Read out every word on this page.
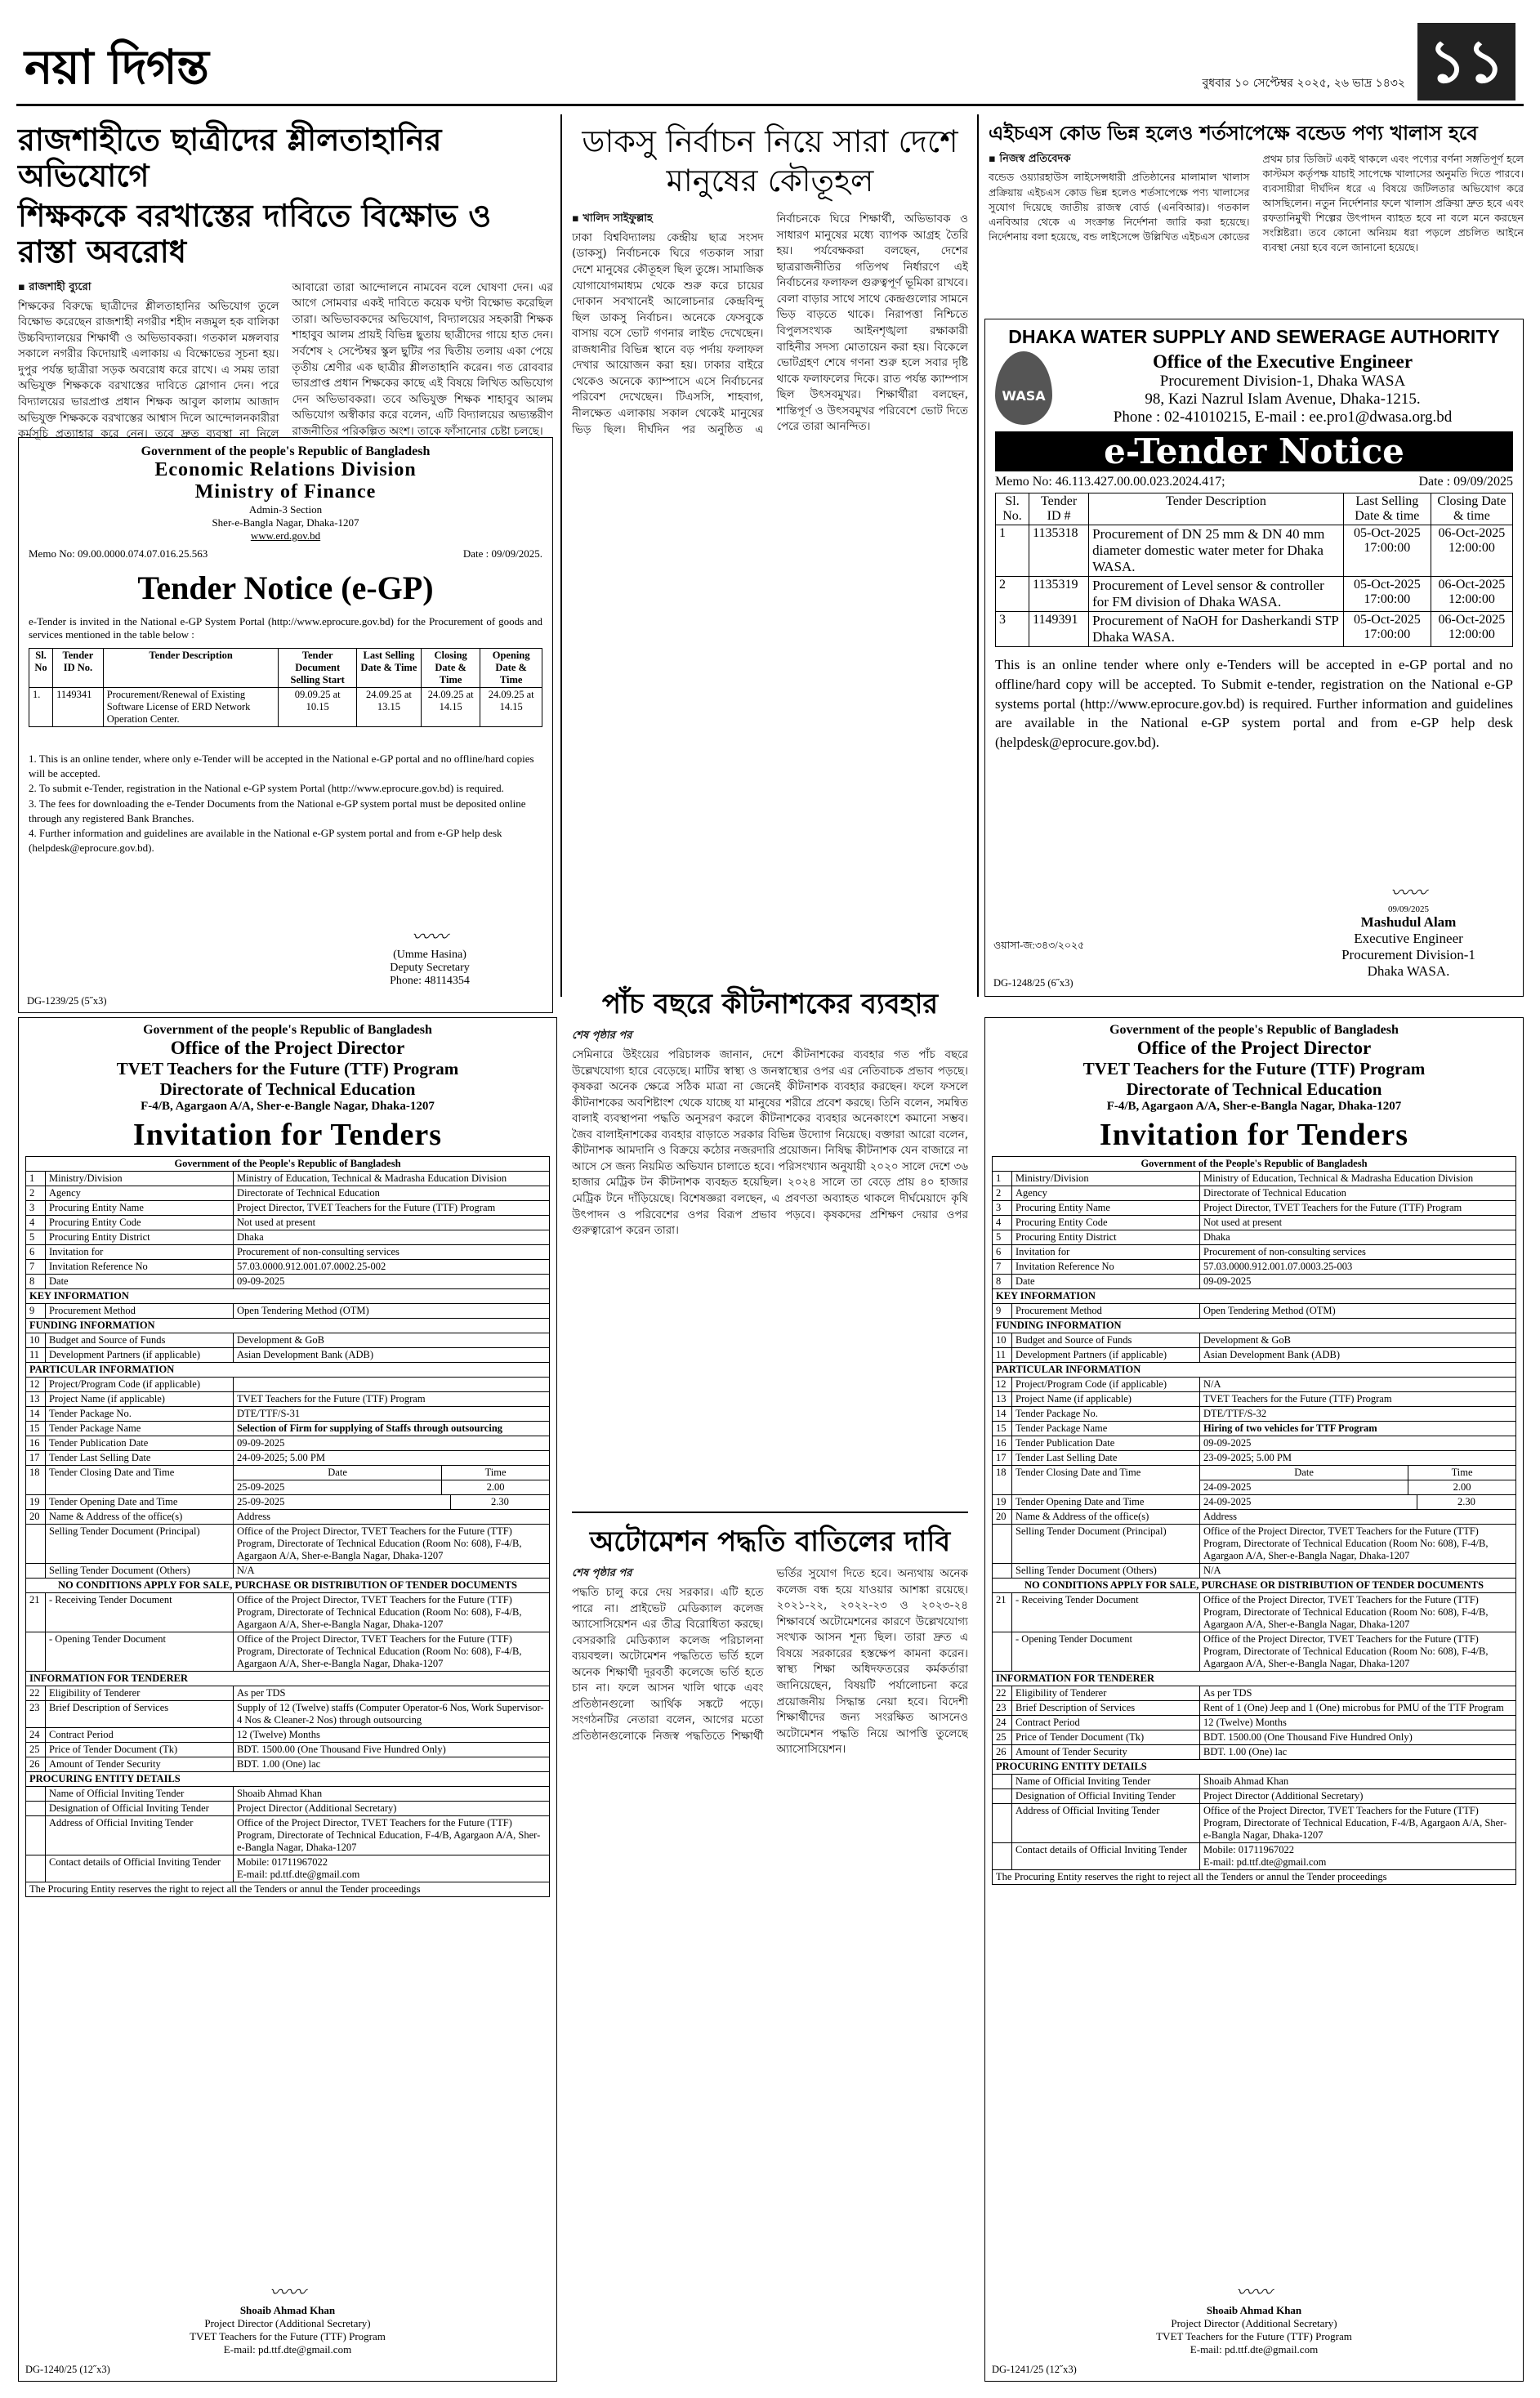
নয়া দিগন্ত	বুধবার ১০ সেপ্টেম্বর ২০২৫, ২৬ ভাদ্র ১৪৩২ ১১
রাজশাহীতে ছাত্রীদের শ্লীলতাহানির অভিযোগে
শিক্ষককে বরখাস্তের দাবিতে বিক্ষোভ ও রাস্তা অবরোধ
▪ রাজশাহী ব্যুরো
শিক্ষকের বিরুদ্ধে ছাত্রীদের শ্লীলতাহানির অভিযোগ তুলে বিক্ষোভ করেছেন রাজশাহী নগরীর শহীদ নজমুল হক বালিকা উচ্চবিদ্যালয়ের শিক্ষার্থী ও অভিভাবকরা। গতকাল মঙ্গলবার সকালে নগরীর কিদোয়াই এলাকায় এ বিক্ষোভের সূচনা হয়। দুপুর পর্যন্ত ছাত্রীরা সড়ক অবরোধ করে রাখে। এ সময় তারা অভিযুক্ত শিক্ষককে বরখাস্তের দাবিতে স্লোগান দেন। পরে বিদ্যালয়ের ভারপ্রাপ্ত প্রধান শিক্ষক আবুল কালাম আজাদ অভিযুক্ত শিক্ষককে বরখাস্তের আশ্বাস দিলে আন্দোলনকারীরা কর্মসূচি প্রত্যাহার করে নেন। তবে দ্রুত ব্যবস্থা না নিলে আবারো তারা আন্দোলনে নামবেন বলে ঘোষণা দেন। এর আগে সোমবার একই দাবিতে কয়েক ঘণ্টা বিক্ষোভ করেছিল তারা। অভিভাবকদের অভিযোগ, বিদ্যালয়ের সহকারী শিক্ষক শাহাবুব আলম প্রায়ই বিভিন্ন ছুতায় ছাত্রীদের গায়ে হাত দেন। সর্বশেষ ২ সেপ্টেম্বর স্কুল ছুটির পর দ্বিতীয় তলায় একা পেয়ে তৃতীয় শ্রেণীর এক ছাত্রীর শ্লীলতাহানি করেন। গত রোববার ভারপ্রাপ্ত প্রধান শিক্ষকের কাছে এই বিষয়ে লিখিত অভিযোগ দেন অভিভাবকরা। তবে অভিযুক্ত শিক্ষক শাহাবুব আলম অভিযোগ অস্বীকার করে বলেন, এটি বিদ্যালয়ের অভ্যন্তরীণ রাজনীতির পরিকল্পিত অংশ। তাকে ফাঁসানোর চেষ্টা চলছে।
Government of the people's Republic of Bangladesh
Economic Relations Division
Ministry of Finance
Admin-3 Section
Sher-e-Bangla Nagar, Dhaka-1207
www.erd.gov.bd
Memo No: 09.00.0000.074.07.016.25.563	Date : 09/09/2025.
Tender Notice (e-GP)
e-Tender is invited in the National e-GP System Portal (http://www.eprocure.gov.bd) for the Procurement of goods and services mentioned in the table below :
Sl. No	Tender ID No.	Tender Description	Tender Document Selling Start	Last Selling Date & Time	Closing Date & Time	Opening Date & Time
1.	1149341	Procurement/Renewal of Existing Software License of ERD Network Operation Center.	09.09.25 at 10.15	24.09.25 at 13.15	24.09.25 at 14.15	24.09.25 at 14.15
1. This is an online tender, where only e-Tender will be accepted in the National e-GP portal and no offline/hard copies will be accepted.
2. To submit e-Tender, registration in the National e-GP system Portal (http://www.eprocure.gov.bd) is required.
3. The fees for downloading the e-Tender Documents from the National e-GP system portal must be deposited online through any registered Bank Branches.
4. Further information and guidelines are available in the National e-GP system portal and from e-GP help desk (helpdesk@eprocure.gov.bd).
〰〰
(Umme Hasina)
Deputy Secretary
Phone: 48114354
DG-1239/25 (5˝x3)
ডাকসু নির্বাচন নিয়ে সারা দেশে মানুষের কৌতূহল
▪ খালিদ সাইফুল্লাহ
ঢাকা বিশ্ববিদ্যালয় কেন্দ্রীয় ছাত্র সংসদ (ডাকসু) নির্বাচনকে ঘিরে গতকাল সারা দেশে মানুষের কৌতূহল ছিল তুঙ্গে। সামাজিক যোগাযোগমাধ্যম থেকে শুরু করে চায়ের দোকান সবখানেই আলোচনার কেন্দ্রবিন্দু ছিল ডাকসু নির্বাচন। অনেকে ফেসবুকে বাসায় বসে ভোট গণনার লাইভ দেখেছেন। রাজধানীর বিভিন্ন স্থানে বড় পর্দায় ফলাফল দেখার আয়োজন করা হয়। ঢাকার বাইরে থেকেও অনেকে ক্যাম্পাসে এসে নির্বাচনের পরিবেশ দেখেছেন। টিএসসি, শাহবাগ, নীলক্ষেত এলাকায় সকাল থেকেই মানুষের ভিড় ছিল। দীর্ঘদিন পর অনুষ্ঠিত এ নির্বাচনকে ঘিরে শিক্ষার্থী, অভিভাবক ও সাধারণ মানুষের মধ্যে ব্যাপক আগ্রহ তৈরি হয়। পর্যবেক্ষকরা বলছেন, দেশের ছাত্ররাজনীতির গতিপথ নির্ধারণে এই নির্বাচনের ফলাফল গুরুত্বপূর্ণ ভূমিকা রাখবে। বেলা বাড়ার সাথে সাথে কেন্দ্রগুলোর সামনে ভিড় বাড়তে থাকে। নিরাপত্তা নিশ্চিতে বিপুলসংখ্যক আইনশৃঙ্খলা রক্ষাকারী বাহিনীর সদস্য মোতায়েন করা হয়। বিকেলে ভোটগ্রহণ শেষে গণনা শুরু হলে সবার দৃষ্টি থাকে ফলাফলের দিকে। রাত পর্যন্ত ক্যাম্পাস ছিল উৎসবমুখর। শিক্ষার্থীরা বলছেন, শান্তিপূর্ণ ও উৎসবমুখর পরিবেশে ভোট দিতে পেরে তারা আনন্দিত।
পাঁচ বছরে কীটনাশকের ব্যবহার
শেষ পৃষ্ঠার পর
সেমিনারে উইংয়ের পরিচালক জানান, দেশে কীটনাশকের ব্যবহার গত পাঁচ বছরে উল্লেখযোগ্য হারে বেড়েছে। মাটির স্বাস্থ্য ও জনস্বাস্থ্যের ওপর এর নেতিবাচক প্রভাব পড়ছে। কৃষকরা অনেক ক্ষেত্রে সঠিক মাত্রা না জেনেই কীটনাশক ব্যবহার করছেন। ফলে ফসলে কীটনাশকের অবশিষ্টাংশ থেকে যাচ্ছে যা মানুষের শরীরে প্রবেশ করছে। তিনি বলেন, সমন্বিত বালাই ব্যবস্থাপনা পদ্ধতি অনুসরণ করলে কীটনাশকের ব্যবহার অনেকাংশে কমানো সম্ভব। জৈব বালাইনাশকের ব্যবহার বাড়াতে সরকার বিভিন্ন উদ্যোগ নিয়েছে। বক্তারা আরো বলেন, কীটনাশক আমদানি ও বিক্রয়ে কঠোর নজরদারি প্রয়োজন। নিষিদ্ধ কীটনাশক যেন বাজারে না আসে সে জন্য নিয়মিত অভিযান চালাতে হবে। পরিসংখ্যান অনুযায়ী ২০২০ সালে দেশে ৩৬ হাজার মেট্রিক টন কীটনাশক ব্যবহৃত হয়েছিল। ২০২৪ সালে তা বেড়ে প্রায় ৪০ হাজার মেট্রিক টনে দাঁড়িয়েছে। বিশেষজ্ঞরা বলছেন, এ প্রবণতা অব্যাহত থাকলে দীর্ঘমেয়াদে কৃষি উৎপাদন ও পরিবেশের ওপর বিরূপ প্রভাব পড়বে। কৃষকদের প্রশিক্ষণ দেয়ার ওপর গুরুত্বারোপ করেন তারা।
অটোমেশন পদ্ধতি বাতিলের দাবি
শেষ পৃষ্ঠার পর
পদ্ধতি চালু করে দেয় সরকার। এটি হতে পারে না। প্রাইভেট মেডিক্যাল কলেজ অ্যাসোসিয়েশন এর তীব্র বিরোধিতা করছে। বেসরকারি মেডিক্যাল কলেজ পরিচালনা ব্যয়বহুল। অটোমেশন পদ্ধতিতে ভর্তি হলে অনেক শিক্ষার্থী দূরবর্তী কলেজে ভর্তি হতে চান না। ফলে আসন খালি থাকে এবং প্রতিষ্ঠানগুলো আর্থিক সঙ্কটে পড়ে। সংগঠনটির নেতারা বলেন, আগের মতো প্রতিষ্ঠানগুলোকে নিজস্ব পদ্ধতিতে শিক্ষার্থী ভর্তির সুযোগ দিতে হবে। অন্যথায় অনেক কলেজ বন্ধ হয়ে যাওয়ার আশঙ্কা রয়েছে। ২০২১-২২, ২০২২-২৩ ও ২০২৩-২৪ শিক্ষাবর্ষে অটোমেশনের কারণে উল্লেখযোগ্য সংখ্যক আসন শূন্য ছিল। তারা দ্রুত এ বিষয়ে সরকারের হস্তক্ষেপ কামনা করেন। স্বাস্থ্য শিক্ষা অধিদফতরের কর্মকর্তারা জানিয়েছেন, বিষয়টি পর্যালোচনা করে প্রয়োজনীয় সিদ্ধান্ত নেয়া হবে। বিদেশী শিক্ষার্থীদের জন্য সংরক্ষিত আসনেও অটোমেশন পদ্ধতি নিয়ে আপত্তি তুলেছে অ্যাসোসিয়েশন।
এইচএস কোড ভিন্ন হলেও শর্তসাপেক্ষে বন্ডেড পণ্য খালাস হবে
▪ নিজস্ব প্রতিবেদক
বন্ডেড ওয়্যারহাউস লাইসেন্সধারী প্রতিষ্ঠানের মালামাল খালাস প্রক্রিয়ায় এইচএস কোড ভিন্ন হলেও শর্তসাপেক্ষে পণ্য খালাসের সুযোগ দিয়েছে জাতীয় রাজস্ব বোর্ড (এনবিআর)। গতকাল এনবিআর থেকে এ সংক্রান্ত নির্দেশনা জারি করা হয়েছে। নির্দেশনায় বলা হয়েছে, বন্ড লাইসেন্সে উল্লিখিত এইচএস কোডের প্রথম চার ডিজিট একই থাকলে এবং পণ্যের বর্ণনা সঙ্গতিপূর্ণ হলে কাস্টমস কর্তৃপক্ষ যাচাই সাপেক্ষে খালাসের অনুমতি দিতে পারবে। ব্যবসায়ীরা দীর্ঘদিন ধরে এ বিষয়ে জটিলতার অভিযোগ করে আসছিলেন। নতুন নির্দেশনার ফলে খালাস প্রক্রিয়া দ্রুত হবে এবং রফতানিমুখী শিল্পের উৎপাদন ব্যাহত হবে না বলে মনে করছেন সংশ্লিষ্টরা। তবে কোনো অনিয়ম ধরা পড়লে প্রচলিত আইনে ব্যবস্থা নেয়া হবে বলে জানানো হয়েছে।
DHAKA WATER SUPPLY AND SEWERAGE AUTHORITY
WASA
Office of the Executive Engineer
Procurement Division-1, Dhaka WASA
98, Kazi Nazrul Islam Avenue, Dhaka-1215.
Phone : 02-41010215, E-mail : ee.pro1@dwasa.org.bd
e-Tender Notice
Memo No: 46.113.427.00.00.023.2024.417;	Date : 09/09/2025
Sl. No.	Tender ID #	Tender Description	Last Selling Date & time	Closing Date & time
1	1135318	Procurement of DN 25 mm & DN 40 mm diameter domestic water meter for Dhaka WASA.	05-Oct-2025 17:00:00	06-Oct-2025 12:00:00
2	1135319	Procurement of Level sensor & controller for FM division of Dhaka WASA.	05-Oct-2025 17:00:00	06-Oct-2025 12:00:00
3	1149391	Procurement of NaOH for Dasherkandi STP Dhaka WASA.	05-Oct-2025 17:00:00	06-Oct-2025 12:00:00
This is an online tender where only e-Tenders will be accepted in e-GP portal and no offline/hard copy will be accepted. To Submit e-tender, registration on the National e-GP systems portal (http://www.eprocure.gov.bd) is required. Further information and guidelines are available in the National e-GP system portal and from e-GP help desk (helpdesk@eprocure.gov.bd).
〰〰
09/09/2025
Mashudul Alam
Executive Engineer
Procurement Division-1
Dhaka WASA.
ওয়াসা-জ:৩৪৩/২০২৫
DG-1248/25 (6˝x3)
Government of the people's Republic of Bangladesh
Office of the Project Director
TVET Teachers for the Future (TTF) Program
Directorate of Technical Education
F-4/B, Agargaon A/A, Sher-e-Bangle Nagar, Dhaka-1207
Invitation for Tenders
Government of the People's Republic of Bangladesh
1	Ministry/Division	Ministry of Education, Technical & Madrasha Education Division
2	Agency	Directorate of Technical Education
3	Procuring Entity Name	Project Director, TVET Teachers for the Future (TTF) Program
4	Procuring Entity Code	Not used at present
5	Procuring Entity District	Dhaka
6	Invitation for	Procurement of non-consulting services
7	Invitation Reference No	57.03.0000.912.001.07.0002.25-002
8	Date	09-09-2025
KEY INFORMATION
9	Procurement Method	Open Tendering Method (OTM)
FUNDING INFORMATION
10	Budget and Source of Funds	Development & GoB
11	Development Partners (if applicable)	Asian Development Bank (ADB)
PARTICULAR INFORMATION
12	Project/Program Code (if applicable)	
13	Project Name (if applicable)	TVET Teachers for the Future (TTF) Program
14	Tender Package No.	DTE/TTF/S-31
15	Tender Package Name	Selection of Firm for supplying of Staffs through outsourcing
16	Tender Publication Date	09-09-2025
17	Tender Last Selling Date	24-09-2025; 5.00 PM
18	Tender Closing Date and Time		Date	Time
25-09-2025	2.00

19	Tender Opening Date and Time		25-09-2025	2.30

20	Name & Address of the office(s)	Address
	Selling Tender Document (Principal)	Office of the Project Director, TVET Teachers for the Future (TTF) Program, Directorate of Technical Education (Room No: 608), F-4/B, Agargaon A/A, Sher-e-Bangla Nagar, Dhaka-1207
	Selling Tender Document (Others)	N/A
NO CONDITIONS APPLY FOR SALE, PURCHASE OR DISTRIBUTION OF TENDER DOCUMENTS
21	- Receiving Tender Document	Office of the Project Director, TVET Teachers for the Future (TTF) Program, Directorate of Technical Education (Room No: 608), F-4/B, Agargaon A/A, Sher-e-Bangla Nagar, Dhaka-1207
	- Opening Tender Document	Office of the Project Director, TVET Teachers for the Future (TTF) Program, Directorate of Technical Education (Room No: 608), F-4/B, Agargaon A/A, Sher-e-Bangla Nagar, Dhaka-1207
INFORMATION FOR TENDERER
22	Eligibility of Tenderer	As per TDS
23	Brief Description of Services	Supply of 12 (Twelve) staffs (Computer Operator-6 Nos, Work Supervisor-4 Nos & Cleaner-2 Nos) through outsourcing
24	Contract Period	12 (Twelve) Months
25	Price of Tender Document (Tk)	BDT. 1500.00 (One Thousand Five Hundred Only)
26	Amount of Tender Security	BDT. 1.00 (One) lac
PROCURING ENTITY DETAILS
	Name of Official Inviting Tender	Shoaib Ahmad Khan
	Designation of Official Inviting Tender	Project Director (Additional Secretary)
	Address of Official Inviting Tender	Office of the Project Director, TVET Teachers for the Future (TTF) Program, Directorate of Technical Education, F-4/B, Agargaon A/A, Sher-e-Bangla Nagar, Dhaka-1207
	Contact details of Official Inviting Tender	Mobile: 01711967022
E-mail: pd.ttf.dte@gmail.com
The Procuring Entity reserves the right to reject all the Tenders or annul the Tender proceedings
〰〰
Shoaib Ahmad Khan
Project Director (Additional Secretary)
TVET Teachers for the Future (TTF) Program
E-mail: pd.ttf.dte@gmail.com
DG-1240/25 (12˝x3)
Government of the people's Republic of Bangladesh
Office of the Project Director
TVET Teachers for the Future (TTF) Program
Directorate of Technical Education
F-4/B, Agargaon A/A, Sher-e-Bangla Nagar, Dhaka-1207
Invitation for Tenders
Government of the People's Republic of Bangladesh
1	Ministry/Division	Ministry of Education, Technical & Madrasha Education Division
2	Agency	Directorate of Technical Education
3	Procuring Entity Name	Project Director, TVET Teachers for the Future (TTF) Program
4	Procuring Entity Code	Not used at present
5	Procuring Entity District	Dhaka
6	Invitation for	Procurement of non-consulting services
7	Invitation Reference No	57.03.0000.912.001.07.0003.25-003
8	Date	09-09-2025
KEY INFORMATION
9	Procurement Method	Open Tendering Method (OTM)
FUNDING INFORMATION
10	Budget and Source of Funds	Development & GoB
11	Development Partners (if applicable)	Asian Development Bank (ADB)
PARTICULAR INFORMATION
12	Project/Program Code (if applicable)	N/A
13	Project Name (if applicable)	TVET Teachers for the Future (TTF) Program
14	Tender Package No.	DTE/TTF/S-32
15	Tender Package Name	Hiring of two vehicles for TTF Program
16	Tender Publication Date	09-09-2025
17	Tender Last Selling Date	23-09-2025; 5.00 PM
18	Tender Closing Date and Time		Date	Time
24-09-2025	2.00

19	Tender Opening Date and Time		24-09-2025	2.30

20	Name & Address of the office(s)	Address
	Selling Tender Document (Principal)	Office of the Project Director, TVET Teachers for the Future (TTF) Program, Directorate of Technical Education (Room No: 608), F-4/B, Agargaon A/A, Sher-e-Bangla Nagar, Dhaka-1207
	Selling Tender Document (Others)	N/A
NO CONDITIONS APPLY FOR SALE, PURCHASE OR DISTRIBUTION OF TENDER DOCUMENTS
21	- Receiving Tender Document	Office of the Project Director, TVET Teachers for the Future (TTF) Program, Directorate of Technical Education (Room No: 608), F-4/B, Agargaon A/A, Sher-e-Bangla Nagar, Dhaka-1207
	- Opening Tender Document	Office of the Project Director, TVET Teachers for the Future (TTF) Program, Directorate of Technical Education (Room No: 608), F-4/B, Agargaon A/A, Sher-e-Bangla Nagar, Dhaka-1207
INFORMATION FOR TENDERER
22	Eligibility of Tenderer	As per TDS
23	Brief Description of Services	Rent of 1 (One) Jeep and 1 (One) microbus for PMU of the TTF Program
24	Contract Period	12 (Twelve) Months
25	Price of Tender Document (Tk)	BDT. 1500.00 (One Thousand Five Hundred Only)
26	Amount of Tender Security	BDT. 1.00 (One) lac
PROCURING ENTITY DETAILS
	Name of Official Inviting Tender	Shoaib Ahmad Khan
	Designation of Official Inviting Tender	Project Director (Additional Secretary)
	Address of Official Inviting Tender	Office of the Project Director, TVET Teachers for the Future (TTF) Program, Directorate of Technical Education, F-4/B, Agargaon A/A, Sher-e-Bangla Nagar, Dhaka-1207
	Contact details of Official Inviting Tender	Mobile: 01711967022
E-mail: pd.ttf.dte@gmail.com
The Procuring Entity reserves the right to reject all the Tenders or annul the Tender proceedings
〰〰
Shoaib Ahmad Khan
Project Director (Additional Secretary)
TVET Teachers for the Future (TTF) Program
E-mail: pd.ttf.dte@gmail.com
DG-1241/25 (12˝x3)
